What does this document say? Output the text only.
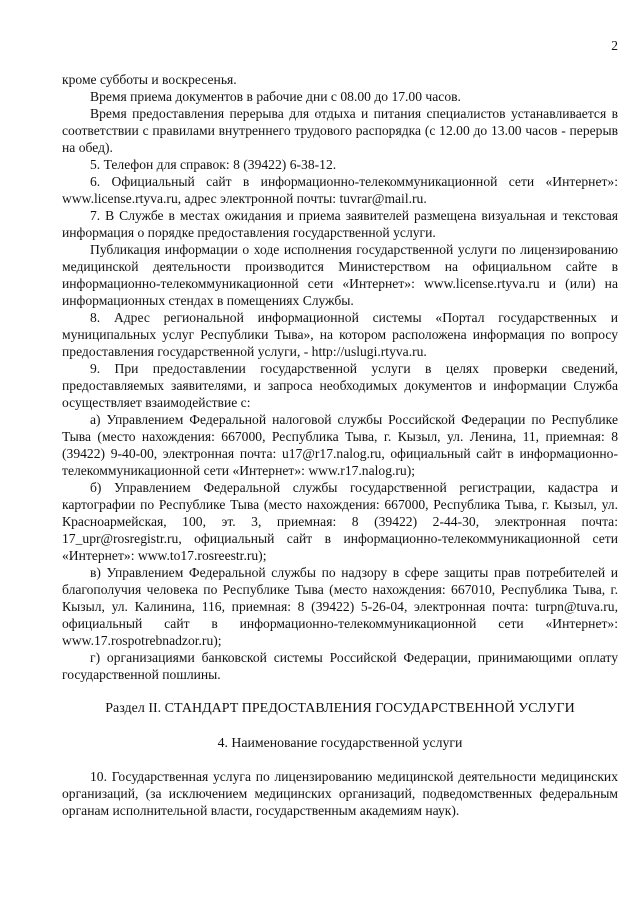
2

кроме субботы и воскресенья.

Время приема документов в рабочие дни с 08.00 до 17.00 часов.

Время предоставления перерыва для отдыха и питания специалистов устанавливается в соответствии с правилами внутреннего трудового распорядка (с 12.00 до 13.00 часов - перерыв на обед).

5. Телефон для справок: 8 (39422) 6-38-12.

6. Официальный сайт в информационно-телекоммуникационной сети «Интернет»: www.license.rtyva.ru, адрес электронной почты: tuvrar@mail.ru.

7. В Службе в местах ожидания и приема заявителей размещена визуальная и текстовая информация о порядке предоставления государственной услуги.

Публикация информации о ходе исполнения государственной услуги по лицензированию медицинской деятельности производится Министерством на официальном сайте в информационно-телекоммуникационной сети «Интернет»: www.license.rtyva.ru и (или) на информационных стендах в помещениях Службы.

8. Адрес региональной информационной системы «Портал государственных и муниципальных услуг Республики Тыва», на котором расположена информация по вопросу предоставления государственной услуги, - http://uslugi.rtyva.ru.

9. При предоставлении государственной услуги в целях проверки сведений, предоставляемых заявителями, и запроса необходимых документов и информации Служба осуществляет взаимодействие с:

а) Управлением Федеральной налоговой службы Российской Федерации по Республике Тыва (место нахождения: 667000, Республика Тыва, г. Кызыл, ул. Ленина, 11, приемная: 8 (39422) 9-40-00, электронная почта: u17@r17.nalog.ru, официальный сайт в информационно-телекоммуникационной сети «Интернет»: www.r17.nalog.ru);

б) Управлением Федеральной службы государственной регистрации, кадастра и картографии по Республике Тыва (место нахождения: 667000, Республика Тыва, г. Кызыл, ул. Красноармейская, 100, эт. 3, приемная: 8 (39422) 2-44-30, электронная почта: 17_upr@rosregistr.ru, официальный сайт в информационно-телекоммуникационной сети «Интернет»: www.to17.rosreestr.ru);

в) Управлением Федеральной службы по надзору в сфере защиты прав потребителей и благополучия человека по Республике Тыва (место нахождения: 667010, Республика Тыва, г. Кызыл, ул. Калинина, 116, приемная: 8 (39422) 5-26-04, электронная почта: turpn@tuva.ru, официальный сайт в информационно-телекоммуникационной сети «Интернет»: www.17.rospotrebnadzor.ru);

г) организациями банковской системы Российской Федерации, принимающими оплату государственной пошлины.

Раздел II. СТАНДАРТ ПРЕДОСТАВЛЕНИЯ ГОСУДАРСТВЕННОЙ УСЛУГИ

4. Наименование государственной услуги

10. Государственная услуга по лицензированию медицинской деятельности медицинских организаций, (за исключением медицинских организаций, подведомственных федеральным органам исполнительной власти, государственным академиям наук).
